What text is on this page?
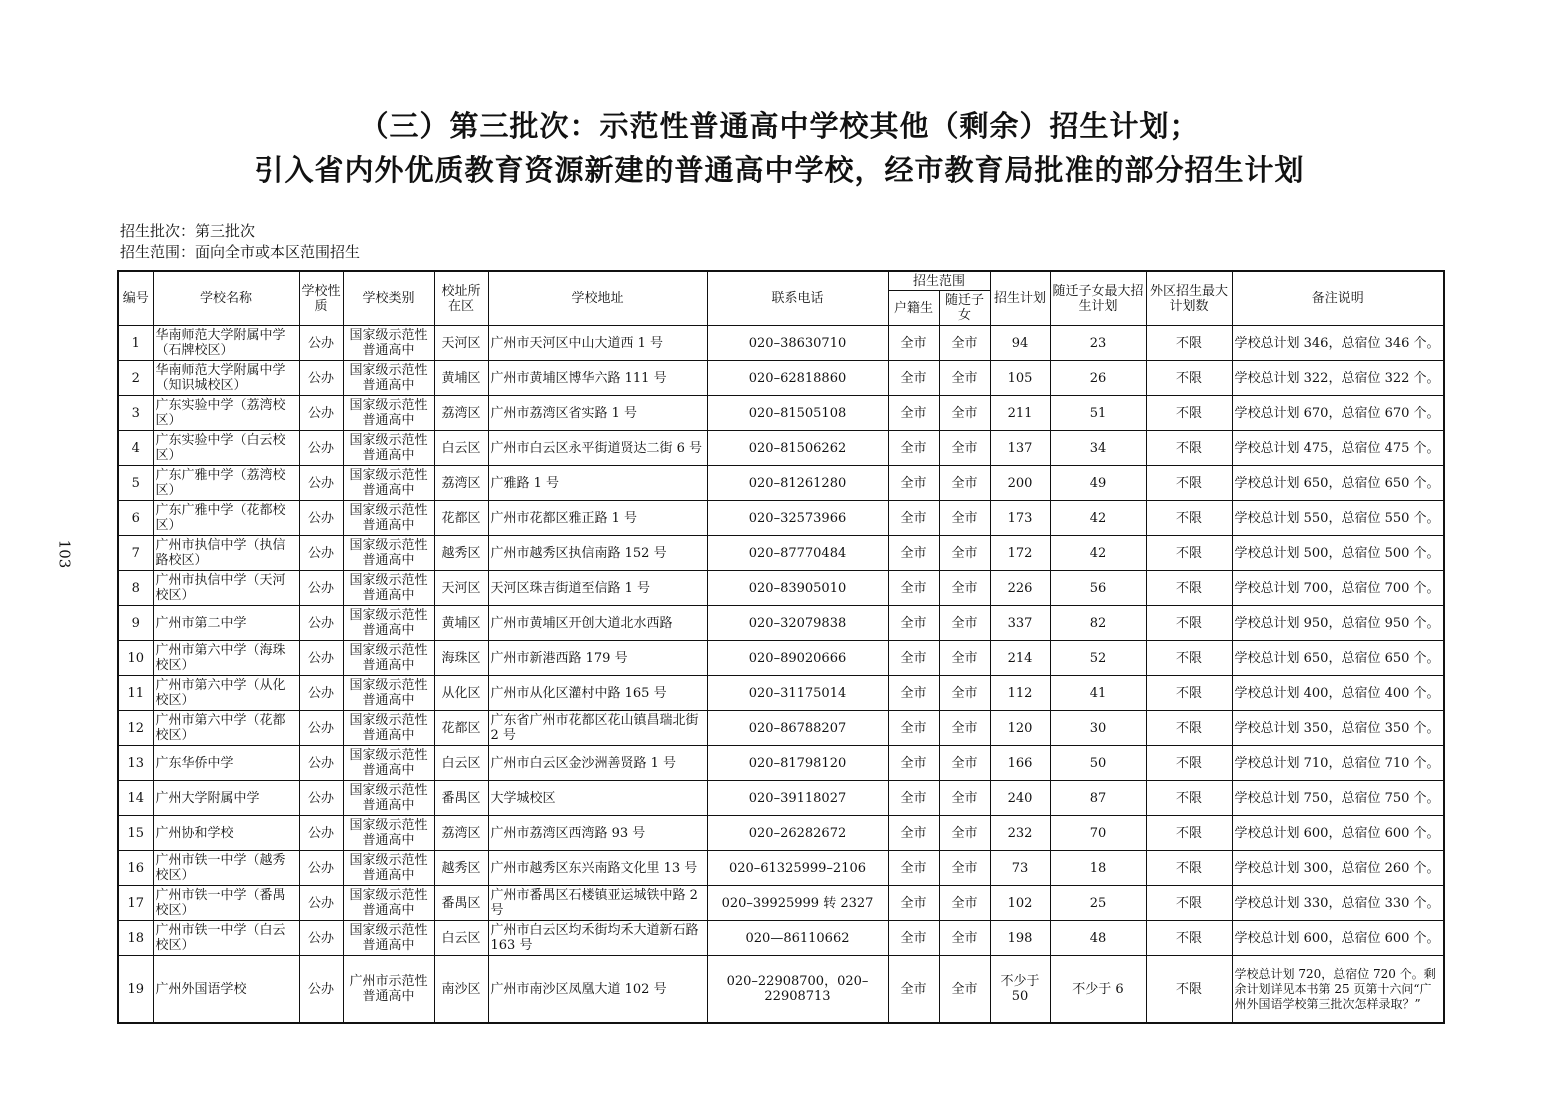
103
（三）第三批次：示范性普通高中学校其他（剩余）招生计划；
引入省内外优质教育资源新建的普通高中学校，经市教育局批准的部分招生计划
招生批次：第三批次
招生范围：面向全市或本区范围招生
编号	学校名称	学校性质	学校类别	校址所在区	学校地址	联系电话	招生范围		招生计划	随迁子女最大招生计划	外区招生最大计划数	备注说明
							户籍生	随迁子女				
1	华南师范大学附属中学（石牌校区）	公办	国家级示范性普通高中	天河区	广州市天河区中山大道西 1 号	020–38630710	全市	全市	94	23	不限	学校总计划 346，总宿位 346 个。
2	华南师范大学附属中学（知识城校区）	公办	国家级示范性普通高中	黄埔区	广州市黄埔区博华六路 111 号	020–62818860	全市	全市	105	26	不限	学校总计划 322，总宿位 322 个。
3	广东实验中学（荔湾校区）	公办	国家级示范性普通高中	荔湾区	广州市荔湾区省实路 1 号	020–81505108	全市	全市	211	51	不限	学校总计划 670，总宿位 670 个。
4	广东实验中学（白云校区）	公办	国家级示范性普通高中	白云区	广州市白云区永平街道贤达二街 6 号	020–81506262	全市	全市	137	34	不限	学校总计划 475，总宿位 475 个。
5	广东广雅中学（荔湾校区）	公办	国家级示范性普通高中	荔湾区	广雅路 1 号	020–81261280	全市	全市	200	49	不限	学校总计划 650，总宿位 650 个。
6	广东广雅中学（花都校区）	公办	国家级示范性普通高中	花都区	广州市花都区雅正路 1 号	020–32573966	全市	全市	173	42	不限	学校总计划 550，总宿位 550 个。
7	广州市执信中学（执信路校区）	公办	国家级示范性普通高中	越秀区	广州市越秀区执信南路 152 号	020–87770484	全市	全市	172	42	不限	学校总计划 500，总宿位 500 个。
8	广州市执信中学（天河校区）	公办	国家级示范性普通高中	天河区	天河区珠吉街道至信路 1 号	020–83905010	全市	全市	226	56	不限	学校总计划 700，总宿位 700 个。
9	广州市第二中学	公办	国家级示范性普通高中	黄埔区	广州市黄埔区开创大道北水西路	020–32079838	全市	全市	337	82	不限	学校总计划 950，总宿位 950 个。
10	广州市第六中学（海珠校区）	公办	国家级示范性普通高中	海珠区	广州市新港西路 179 号	020–89020666	全市	全市	214	52	不限	学校总计划 650，总宿位 650 个。
11	广州市第六中学（从化校区）	公办	国家级示范性普通高中	从化区	广州市从化区灌村中路 165 号	020–31175014	全市	全市	112	41	不限	学校总计划 400，总宿位 400 个。
12	广州市第六中学（花都校区）	公办	国家级示范性普通高中	花都区	广东省广州市花都区花山镇昌瑞北街 2 号	020–86788207	全市	全市	120	30	不限	学校总计划 350，总宿位 350 个。
13	广东华侨中学	公办	国家级示范性普通高中	白云区	广州市白云区金沙洲善贤路 1 号	020–81798120	全市	全市	166	50	不限	学校总计划 710，总宿位 710 个。
14	广州大学附属中学	公办	国家级示范性普通高中	番禺区	大学城校区	020–39118027	全市	全市	240	87	不限	学校总计划 750，总宿位 750 个。
15	广州协和学校	公办	国家级示范性普通高中	荔湾区	广州市荔湾区西湾路 93 号	020–26282672	全市	全市	232	70	不限	学校总计划 600，总宿位 600 个。
16	广州市铁一中学（越秀校区）	公办	国家级示范性普通高中	越秀区	广州市越秀区东兴南路文化里 13 号	020–61325999–2106	全市	全市	73	18	不限	学校总计划 300，总宿位 260 个。
17	广州市铁一中学（番禺校区）	公办	国家级示范性普通高中	番禺区	广州市番禺区石楼镇亚运城铁中路 2 号	020–39925999 转 2327	全市	全市	102	25	不限	学校总计划 330，总宿位 330 个。
18	广州市铁一中学（白云校区）	公办	国家级示范性普通高中	白云区	广州市白云区均禾街均禾大道新石路 163 号	020—86110662	全市	全市	198	48	不限	学校总计划 600，总宿位 600 个。
19	广州外国语学校	公办	广州市示范性普通高中	南沙区	广州市南沙区凤凰大道 102 号	020–22908700，020–22908713	全市	全市	不少于 50	不少于 6	不限	学校总计划 720，总宿位 720 个。剩余计划详见本书第 25 页第十六问“广州外国语学校第三批次怎样录取？”
